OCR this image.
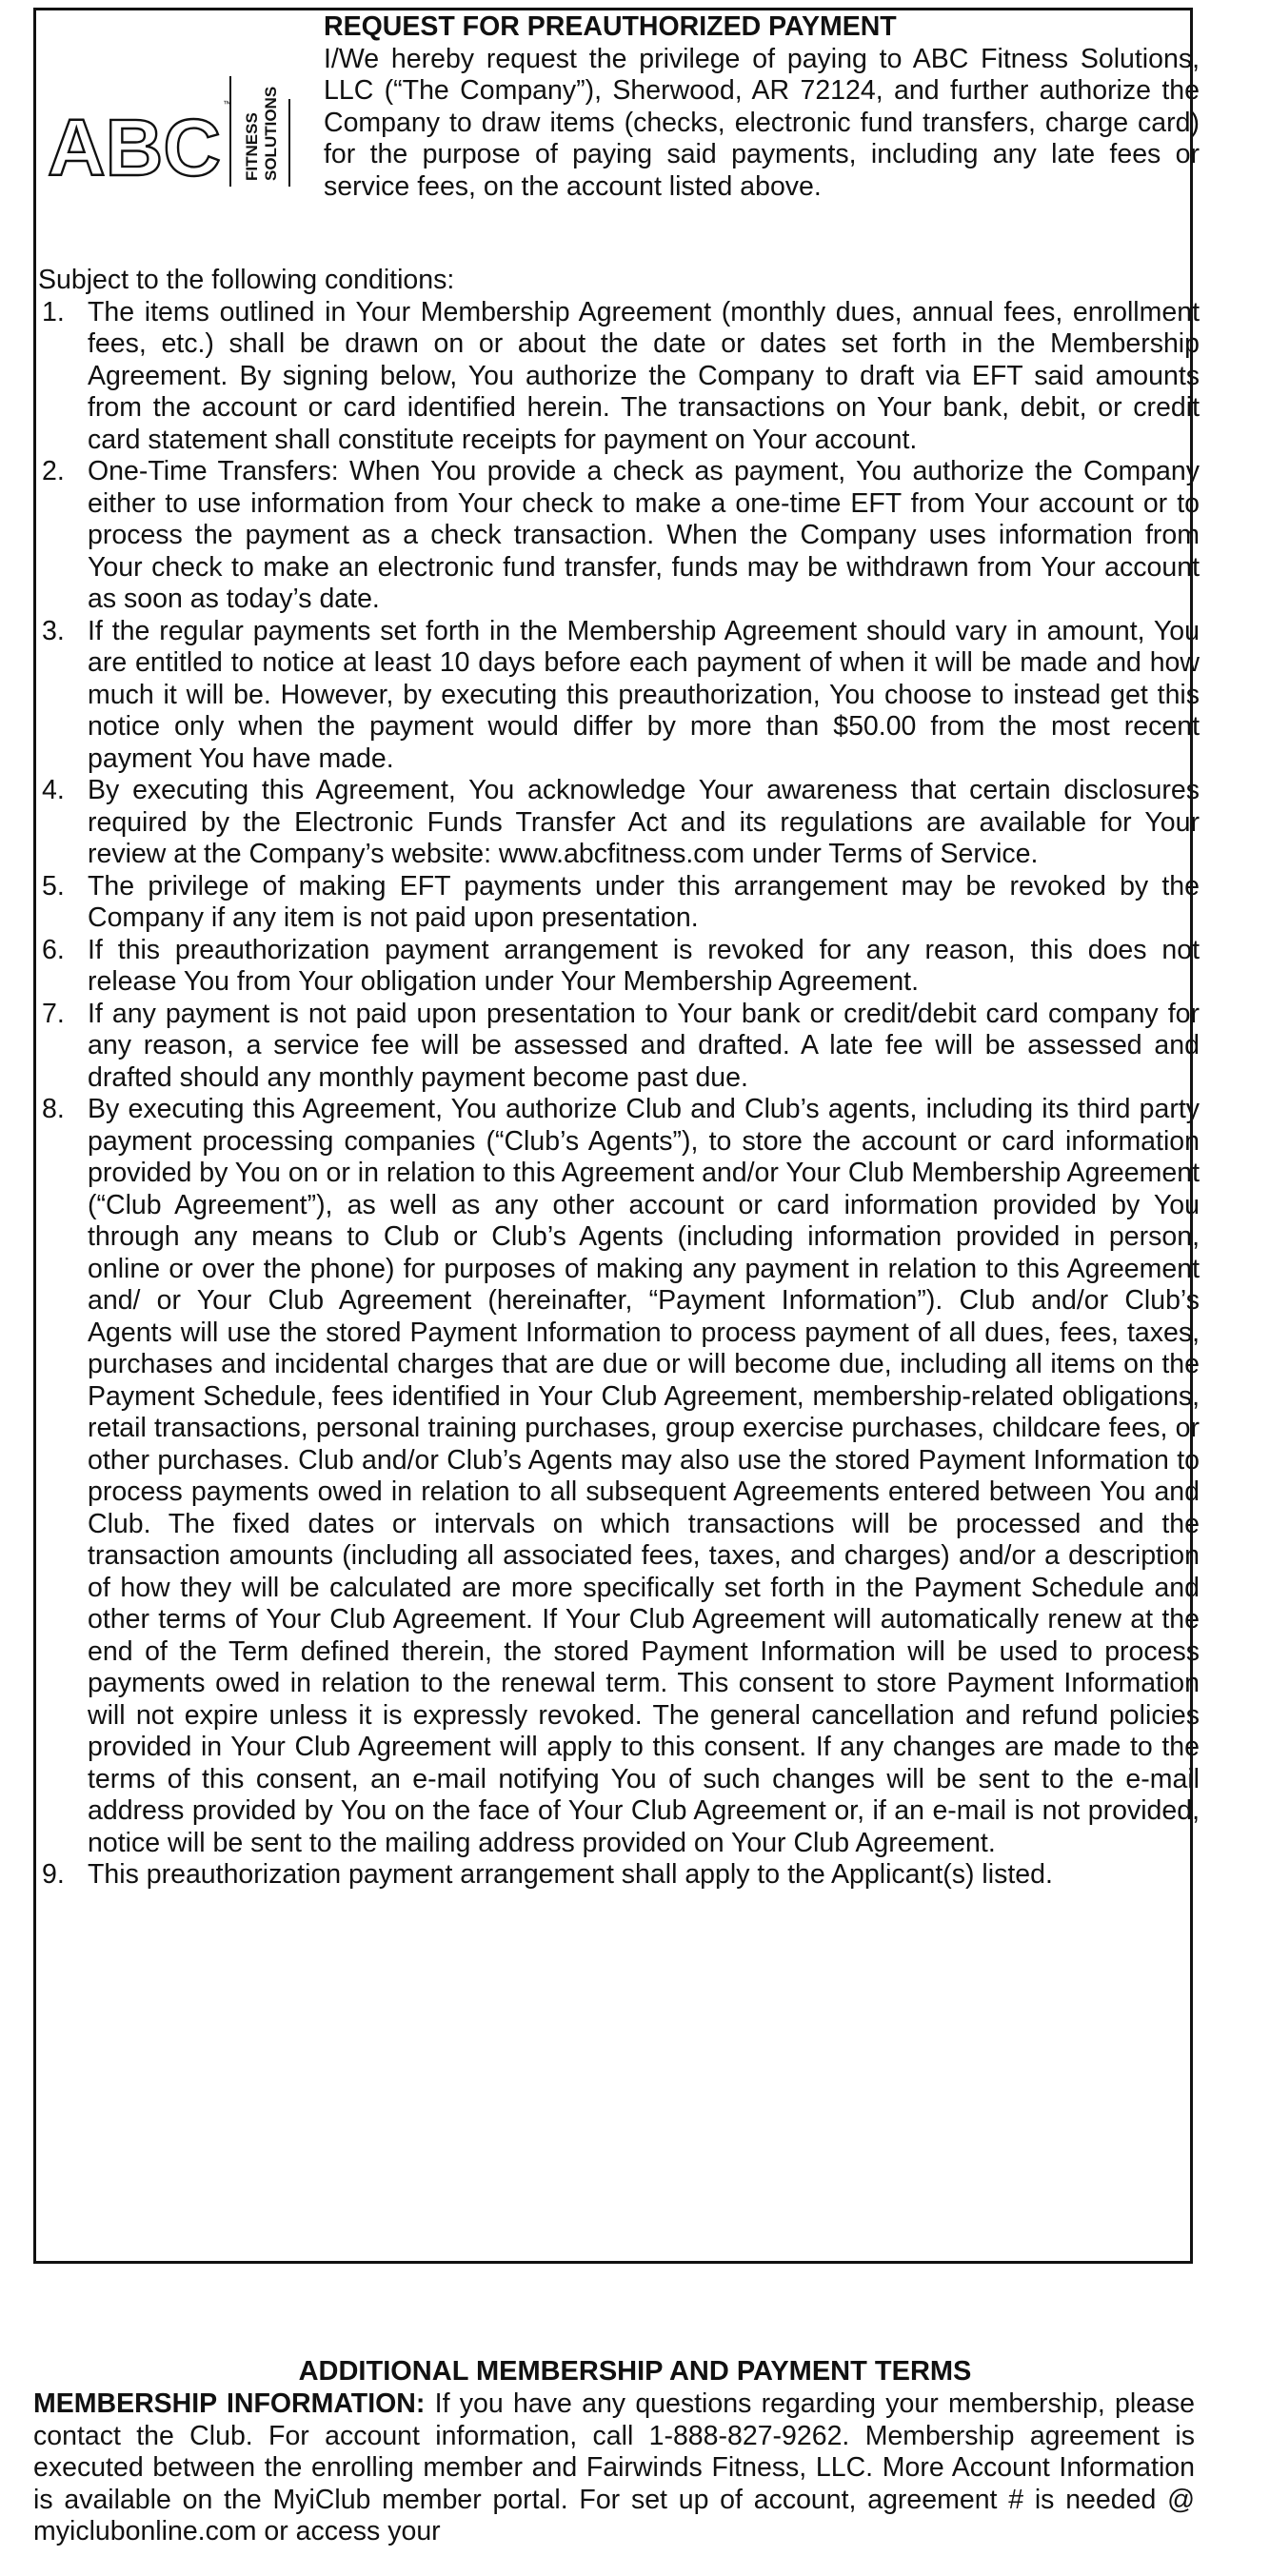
ABC ™
FITNESS SOLUTIONS
REQUEST FOR PREAUTHORIZED PAYMENT
I/We hereby request the privilege of paying to ABC Fitness Solutions, LLC (“The Company”), Sherwood, AR 72124, and further authorize the Company to draw items (checks, electronic fund transfers, charge card) for the purpose of paying said payments, including any late fees or service fees, on the account listed above.

Subject to the following conditions:

1. The items outlined in Your Membership Agreement (monthly dues, annual fees, enrollment fees, etc.) shall be drawn on or about the date or dates set forth in the Membership Agreement. By signing below, You authorize the Company to draft via EFT said amounts from the account or card identified herein. The transactions on Your bank, debit, or credit card statement shall constitute receipts for payment on Your account.
2. One-Time Transfers: When You provide a check as payment, You authorize the Company either to use information from Your check to make a one-time EFT from Your account or to process the payment as a check transaction. When the Company uses information from Your check to make an electronic fund transfer, funds may be withdrawn from Your account as soon as today’s date.
3. If the regular payments set forth in the Membership Agreement should vary in amount, You are entitled to notice at least 10 days before each payment of when it will be made and how much it will be. However, by executing this preauthorization, You choose to instead get this notice only when the payment would differ by more than $50.00 from the most recent payment You have made.
4. By executing this Agreement, You acknowledge Your awareness that certain disclosures required by the Electronic Funds Transfer Act and its regulations are available for Your review at the Company’s website: www.abcfitness.com under Terms of Service.
5. The privilege of making EFT payments under this arrangement may be revoked by the Company if any item is not paid upon presentation.
6. If this preauthorization payment arrangement is revoked for any reason, this does not release You from Your obligation under Your Membership Agreement.
7. If any payment is not paid upon presentation to Your bank or credit/debit card company for any reason, a service fee will be assessed and drafted. A late fee will be assessed and drafted should any monthly payment become past due.
8. By executing this Agreement, You authorize Club and Club’s agents, including its third party payment processing companies (“Club’s Agents”), to store the account or card information provided by You on or in relation to this Agreement and/or Your Club Membership Agreement (“Club Agreement”), as well as any other account or card information provided by You through any means to Club or Club’s Agents (including information provided in person, online or over the phone) for purposes of making any payment in relation to this Agreement and/ or Your Club Agreement (hereinafter, “Payment Information”). Club and/or Club’s Agents will use the stored Payment Information to process payment of all dues, fees, taxes, purchases and incidental charges that are due or will become due, including all items on the Payment Schedule, fees identified in Your Club Agreement, membership-related obligations, retail transactions, personal training purchases, group exercise purchases, childcare fees, or other purchases. Club and/or Club’s Agents may also use the stored Payment Information to process payments owed in relation to all subsequent Agreements entered between You and Club. The fixed dates or intervals on which transactions will be processed and the transaction amounts (including all associated fees, taxes, and charges) and/or a description of how they will be calculated are more specifically set forth in the Payment Schedule and other terms of Your Club Agreement. If Your Club Agreement will automatically renew at the end of the Term defined therein, the stored Payment Information will be used to process payments owed in relation to the renewal term. This consent to store Payment Information will not expire unless it is expressly revoked. The general cancellation and refund policies provided in Your Club Agreement will apply to this consent. If any changes are made to the terms of this consent, an e-mail notifying You of such changes will be sent to the e-mail address provided by You on the face of Your Club Agreement or, if an e-mail is not provided, notice will be sent to the mailing address provided on Your Club Agreement.
9. This preauthorization payment arrangement shall apply to the Applicant(s) listed.
ADDITIONAL MEMBERSHIP AND PAYMENT TERMS
MEMBERSHIP INFORMATION: If you have any questions regarding your membership, please contact the Club. For account information, call 1-888-827-9262. Membership agreement is executed between the enrolling member and Fairwinds Fitness, LLC. More Account Information is available on the MyiClub member portal. For set up of account, agreement # is needed @ myiclubonline.com or access your
